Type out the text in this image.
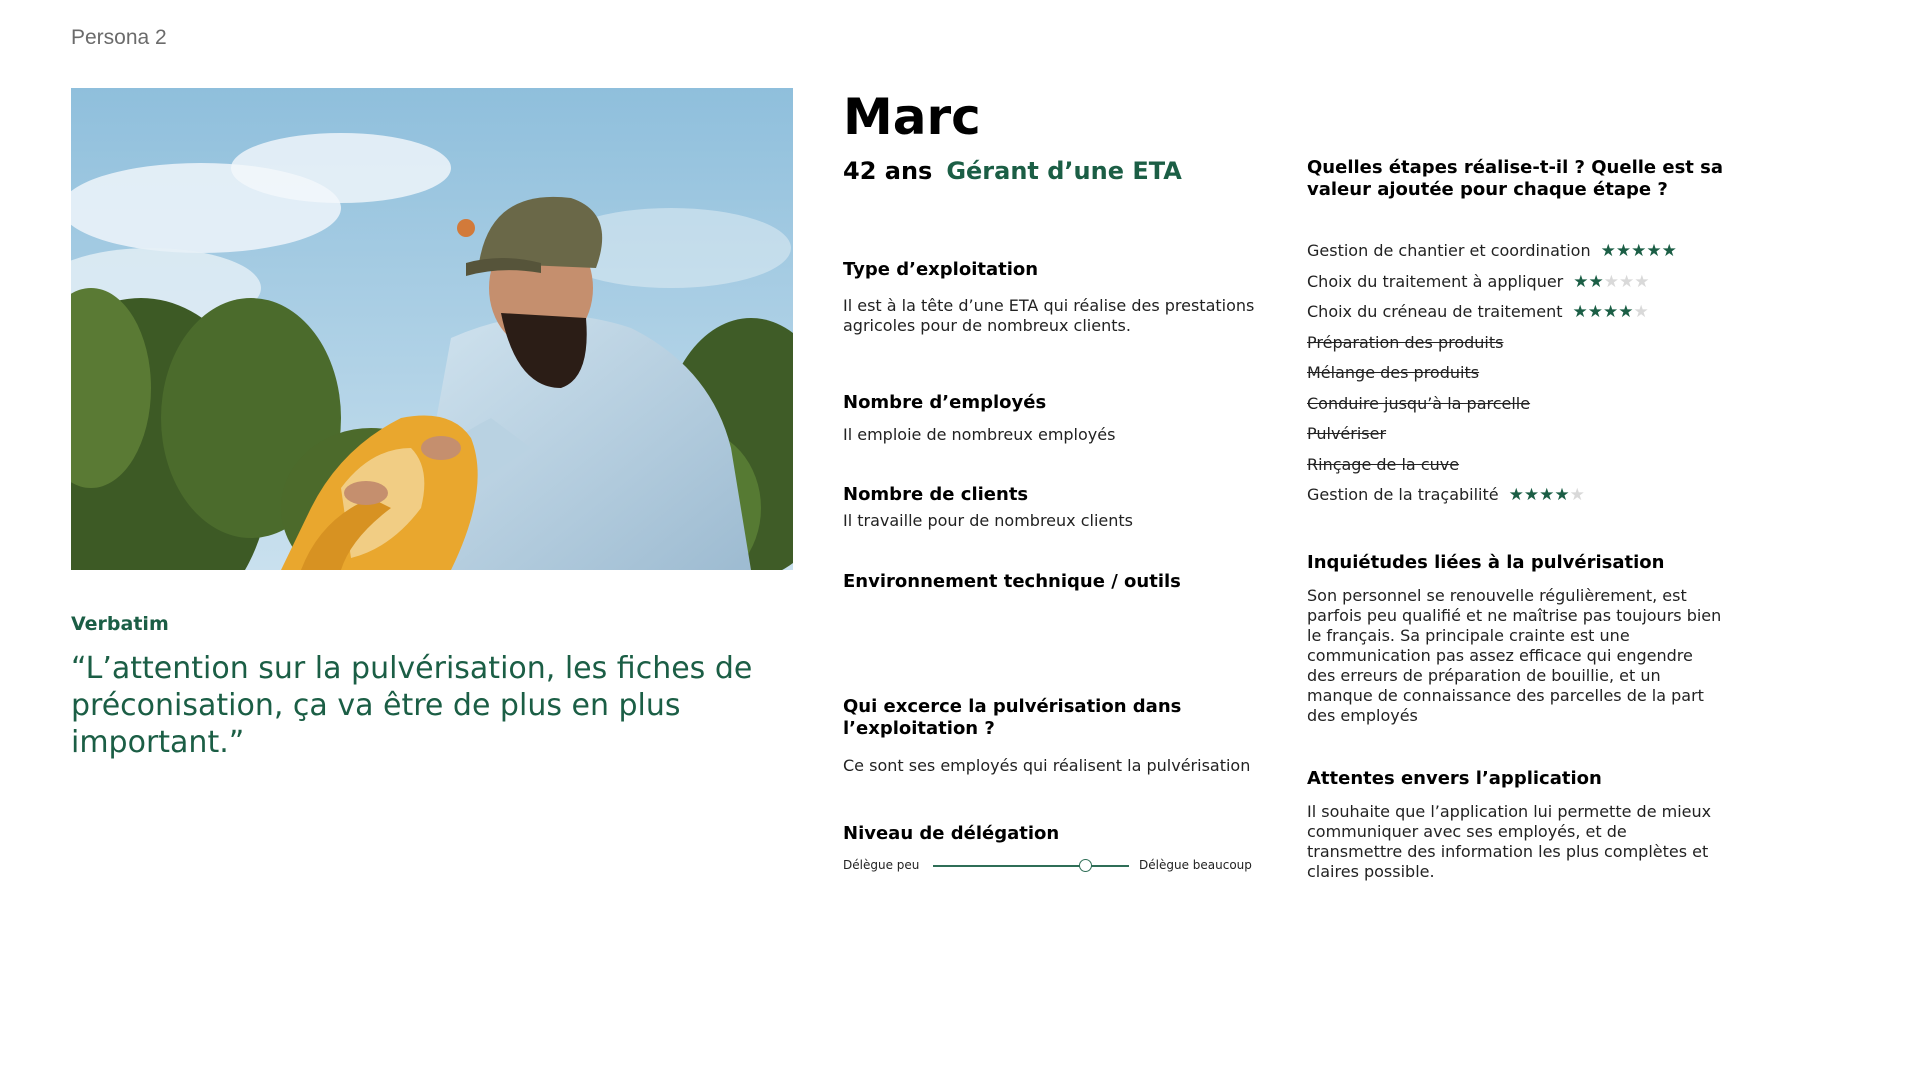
Persona 2
Verbatim
“L’attention sur la pulvérisation, les fiches de préconisation, ça va être de plus en plus important.”
Marc
42 ans Gérant d’une ETA
Type d’exploitation
Il est à la tête d’une ETA qui réalise des prestations agricoles pour de nombreux clients.
Nombre d’employés
Il emploie de nombreux employés
Nombre de clients
Il travaille pour de nombreux clients
Environnement technique / outils
Qui excerce la pulvérisation dans l’exploitation ?
Ce sont ses employés qui réalisent la pulvérisation
Niveau de délégation
Délègue peu	Délègue beaucoup
Quelles étapes réalise-t-il ? Quelle est sa valeur ajoutée pour chaque étape ?
Gestion de chantier et coordination ★★★★★
Choix du traitement à appliquer ★★★★★
Choix du créneau de traitement ★★★★★
Préparation des produits
Mélange des produits
Conduire jusqu’à la parcelle
Pulvériser
Rinçage de la cuve
Gestion de la traçabilité ★★★★★
Inquiétudes liées à la pulvérisation
Son personnel se renouvelle régulièrement, est parfois peu qualifié et ne maîtrise pas toujours bien le français. Sa principale crainte est une communication pas assez efficace qui engendre des erreurs de préparation de bouillie, et un manque de connaissance des parcelles de la part des employés
Attentes envers l’application
Il souhaite que l’application lui permette de mieux communiquer avec ses employés, et de transmettre des information les plus complètes et claires possible.
